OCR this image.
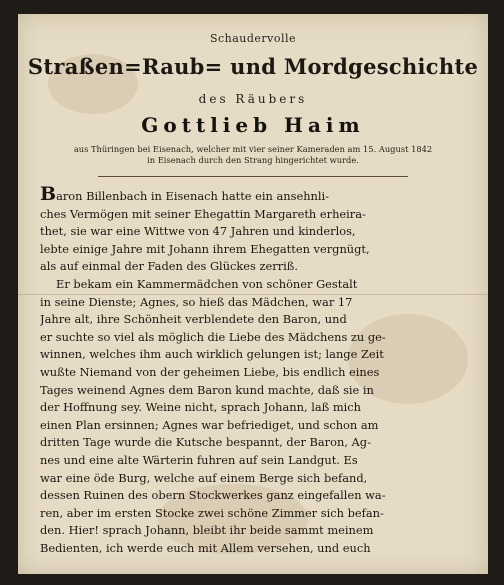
Schaudervolle
Straßen=Raub= und Mordgeschichte
des Räubers
Gottlieb Haim
aus Thüringen bei Eisenach, welcher mit vier seiner Kameraden am 15. August 1842
in Eisenach durch den Strang hingerichtet wurde.
Baron Billenbach in Eisenach hatte ein ansehnli-
ches Vermögen mit seiner Ehegattin Margareth erheira-
thet, sie war eine Wittwe von 47 Jahren und kinderlos,
lebte einige Jahre mit Johann ihrem Ehegatten vergnügt,
als auf einmal der Faden des Glückes zerriß.
Er bekam ein Kammermädchen von schöner Gestalt
in seine Dienste; Agnes, so hieß das Mädchen, war 17
Jahre alt, ihre Schönheit verblendete den Baron, und
er suchte so viel als möglich die Liebe des Mädchens zu ge-
winnen, welches ihm auch wirklich gelungen ist; lange Zeit
wußte Niemand von der geheimen Liebe, bis endlich eines
Tages weinend Agnes dem Baron kund machte, daß sie in
der Hoffnung sey. Weine nicht, sprach Johann, laß mich
einen Plan ersinnen; Agnes war befriediget, und schon am
dritten Tage wurde die Kutsche bespannt, der Baron, Ag-
nes und eine alte Wärterin fuhren auf sein Landgut. Es
war eine öde Burg, welche auf einem Berge sich befand,
dessen Ruinen des obern Stockwerkes ganz eingefallen wa-
ren, aber im ersten Stocke zwei schöne Zimmer sich befan-
den. Hier! sprach Johann, bleibt ihr beide sammt meinem
Bedienten, ich werde euch mit Allem versehen, und euch
